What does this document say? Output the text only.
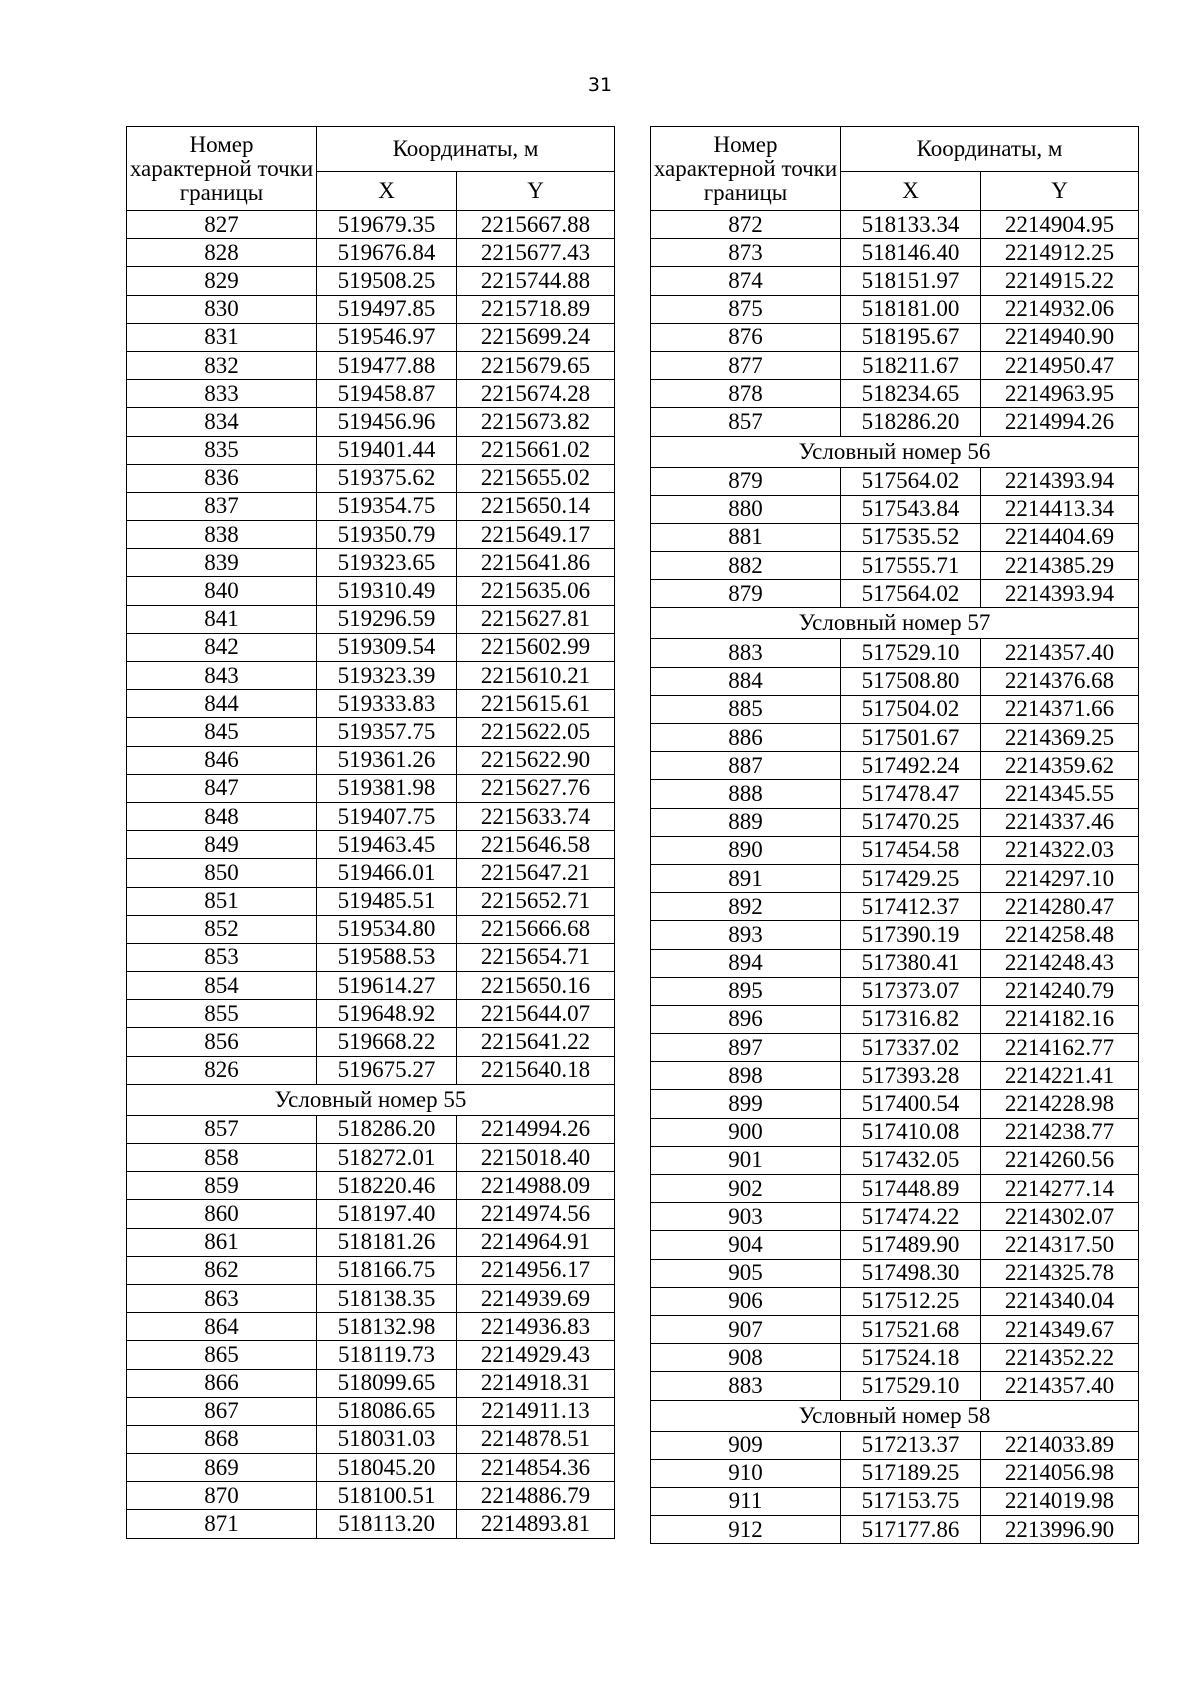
31
Номер характерной точки границы	Координаты, м	
	X	Y
827	519679.35	2215667.88
828	519676.84	2215677.43
829	519508.25	2215744.88
830	519497.85	2215718.89
831	519546.97	2215699.24
832	519477.88	2215679.65
833	519458.87	2215674.28
834	519456.96	2215673.82
835	519401.44	2215661.02
836	519375.62	2215655.02
837	519354.75	2215650.14
838	519350.79	2215649.17
839	519323.65	2215641.86
840	519310.49	2215635.06
841	519296.59	2215627.81
842	519309.54	2215602.99
843	519323.39	2215610.21
844	519333.83	2215615.61
845	519357.75	2215622.05
846	519361.26	2215622.90
847	519381.98	2215627.76
848	519407.75	2215633.74
849	519463.45	2215646.58
850	519466.01	2215647.21
851	519485.51	2215652.71
852	519534.80	2215666.68
853	519588.53	2215654.71
854	519614.27	2215650.16
855	519648.92	2215644.07
856	519668.22	2215641.22
826	519675.27	2215640.18
Условный номер 55		
857	518286.20	2214994.26
858	518272.01	2215018.40
859	518220.46	2214988.09
860	518197.40	2214974.56
861	518181.26	2214964.91
862	518166.75	2214956.17
863	518138.35	2214939.69
864	518132.98	2214936.83
865	518119.73	2214929.43
866	518099.65	2214918.31
867	518086.65	2214911.13
868	518031.03	2214878.51
869	518045.20	2214854.36
870	518100.51	2214886.79
871	518113.20	2214893.81
Номер характерной точки границы	Координаты, м	
	X	Y
872	518133.34	2214904.95
873	518146.40	2214912.25
874	518151.97	2214915.22
875	518181.00	2214932.06
876	518195.67	2214940.90
877	518211.67	2214950.47
878	518234.65	2214963.95
857	518286.20	2214994.26
Условный номер 56		
879	517564.02	2214393.94
880	517543.84	2214413.34
881	517535.52	2214404.69
882	517555.71	2214385.29
879	517564.02	2214393.94
Условный номер 57		
883	517529.10	2214357.40
884	517508.80	2214376.68
885	517504.02	2214371.66
886	517501.67	2214369.25
887	517492.24	2214359.62
888	517478.47	2214345.55
889	517470.25	2214337.46
890	517454.58	2214322.03
891	517429.25	2214297.10
892	517412.37	2214280.47
893	517390.19	2214258.48
894	517380.41	2214248.43
895	517373.07	2214240.79
896	517316.82	2214182.16
897	517337.02	2214162.77
898	517393.28	2214221.41
899	517400.54	2214228.98
900	517410.08	2214238.77
901	517432.05	2214260.56
902	517448.89	2214277.14
903	517474.22	2214302.07
904	517489.90	2214317.50
905	517498.30	2214325.78
906	517512.25	2214340.04
907	517521.68	2214349.67
908	517524.18	2214352.22
883	517529.10	2214357.40
Условный номер 58		
909	517213.37	2214033.89
910	517189.25	2214056.98
911	517153.75	2214019.98
912	517177.86	2213996.90
